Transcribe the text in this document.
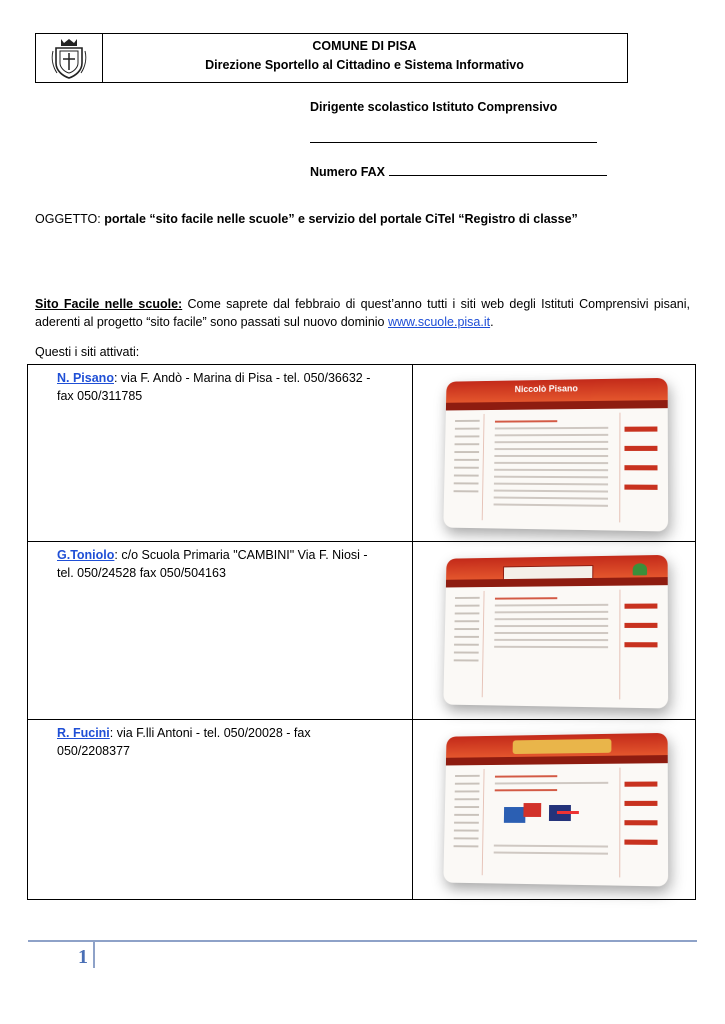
COMUNE DI PISA
Direzione Sportello al Cittadino e Sistema Informativo
Dirigente scolastico Istituto Comprensivo
Numero FAX
OGGETTO: portale “sito facile nelle scuole” e servizio del portale CiTel “Registro di classe”
Sito Facile nelle scuole: Come saprete dal febbraio di quest’anno tutti i siti web degli Istituti Comprensivi pisani, aderenti al progetto “sito facile” sono passati sul nuovo dominio www.scuole.pisa.it.
Questi i siti attivati:
N. Pisano: via F. Andò - Marina di Pisa - tel. 050/36632 - fax 050/311785	Niccolò Pisano

G.Toniolo: c/o Scuola Primaria "CAMBINI" Via F. Niosi - tel. 050/24528 fax 050/504163	

R. Fucini: via F.lli Antoni - tel. 050/20028 - fax 050/2208377	
1
